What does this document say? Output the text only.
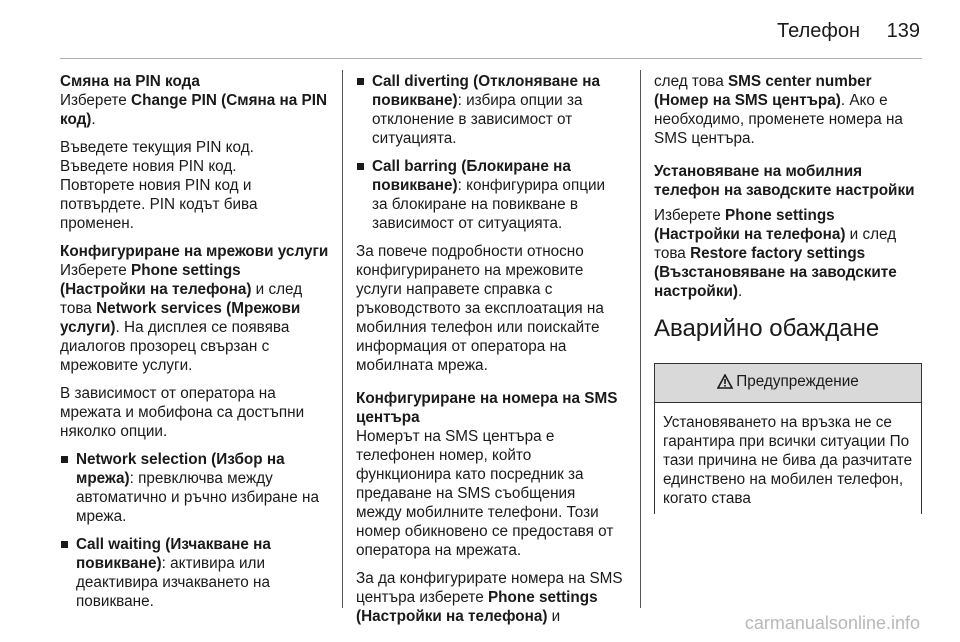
Телефон 139
Смяна на PIN кода

Изберете Change PIN (Смяна на PIN код).

Въведете текущия PIN код.
Въведете новия PIN код.
Повторете новия PIN код и потвърдете. PIN кодът бива променен.

Конфигуриране на мрежови услуги

Изберете Phone settings (Настройки на телефона) и след това Network services (Мрежови услуги). На дисплея се появява диалогов прозорец свързан с мрежовите услуги.

В зависимост от оператора на мрежата и мобифона са достъпни няколко опции.

Network selection (Избор на мрежа): превключва между автоматично и ръчно избиране на мрежа.
Call waiting (Изчакване на повикване): активира или деактивира изчакването на повикване.
Call diverting (Отклоняване на повикване): избира опции за отклонение в зависимост от ситуацията.
Call barring (Блокиране на повикване): конфигурира опции за блокиране на повикване в зависимост от ситуацията.

За повече подробности относно конфигурирането на мрежовите услуги направете справка с ръководството за експлоатация на мобилния телефон или поискайте информация от оператора на мобилната мрежа.

Конфигуриране на номера на SMS центъра

Номерът на SMS центъра е телефонен номер, който функционира като посредник за предаване на SMS съобщения между мобилните телефони. Този номер обикновено се предоставя от оператора на мрежата.

За да конфигурирате номера на SMS центъра изберете Phone settings (Настройки на телефона) и

след това SMS center number (Номер на SMS центъра). Ако е необходимо, променете номера на SMS центъра.

Установяване на мобилния телефон на заводските настройки

Изберете Phone settings (Настройки на телефона) и след това Restore factory settings (Възстановяване на заводските настройки).

Аварийно обаждане
Предупреждение
Установяването на връзка не се гарантира при всички ситуации По тази причина не бива да разчитате единствено на мобилен телефон, когато става
carmanualsonline.info
